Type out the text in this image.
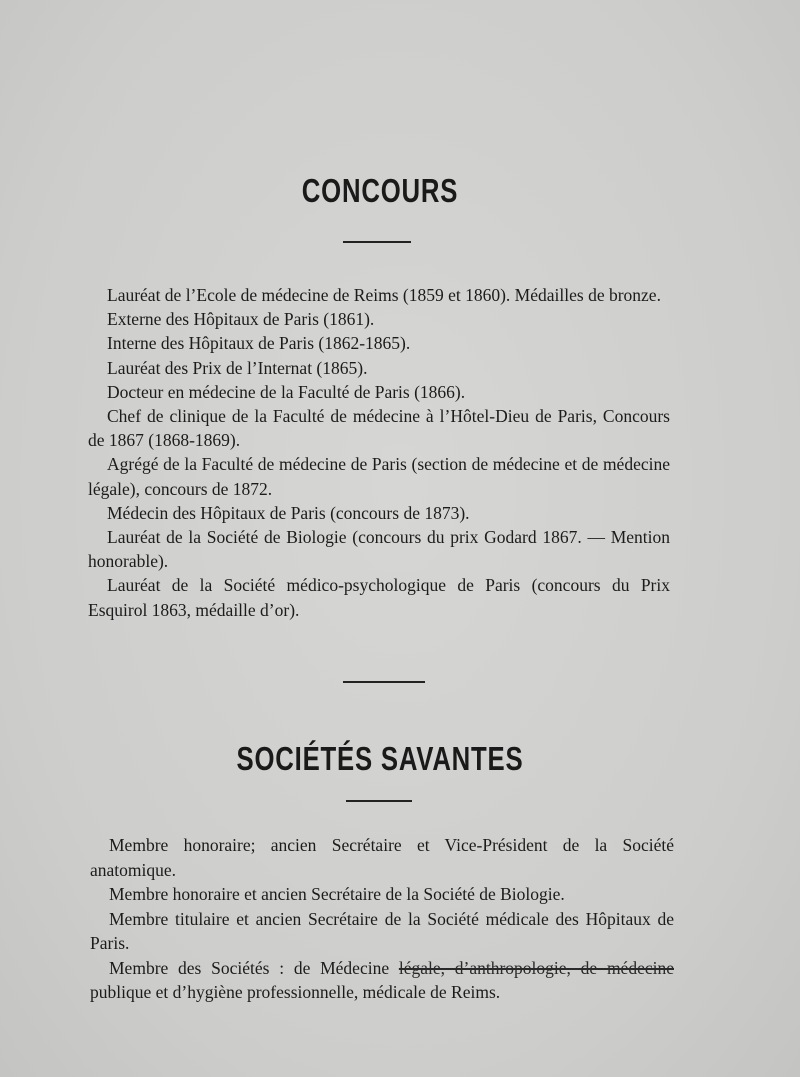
CONCOURS

Lauréat de l’Ecole de médecine de Reims (1859 et 1860). Médailles de bronze.

Externe des Hôpitaux de Paris (1861).

Interne des Hôpitaux de Paris (1862-1865).

Lauréat des Prix de l’Internat (1865).

Docteur en médecine de la Faculté de Paris (1866).

Chef de clinique de la Faculté de médecine à l’Hôtel-Dieu de Paris, Concours de 1867 (1868-1869).

Agrégé de la Faculté de médecine de Paris (section de médecine et de médecine légale), concours de 1872.

Médecin des Hôpitaux de Paris (concours de 1873).

Lauréat de la Société de Biologie (concours du prix Godard 1867. — Mention honorable).

Lauréat de la Société médico-psychologique de Paris (concours du Prix Esquirol 1863, médaille d’or).

SOCIÉTÉS SAVANTES

Membre honoraire; ancien Secrétaire et Vice-Président de la Société anatomique.

Membre honoraire et ancien Secrétaire de la Société de Biologie.

Membre titulaire et ancien Secrétaire de la Société médicale des Hôpitaux de Paris.

Membre des Sociétés : de Médecine légale, d’anthropologie, de médecine publique et d’hygiène professionnelle, médicale de Reims.
